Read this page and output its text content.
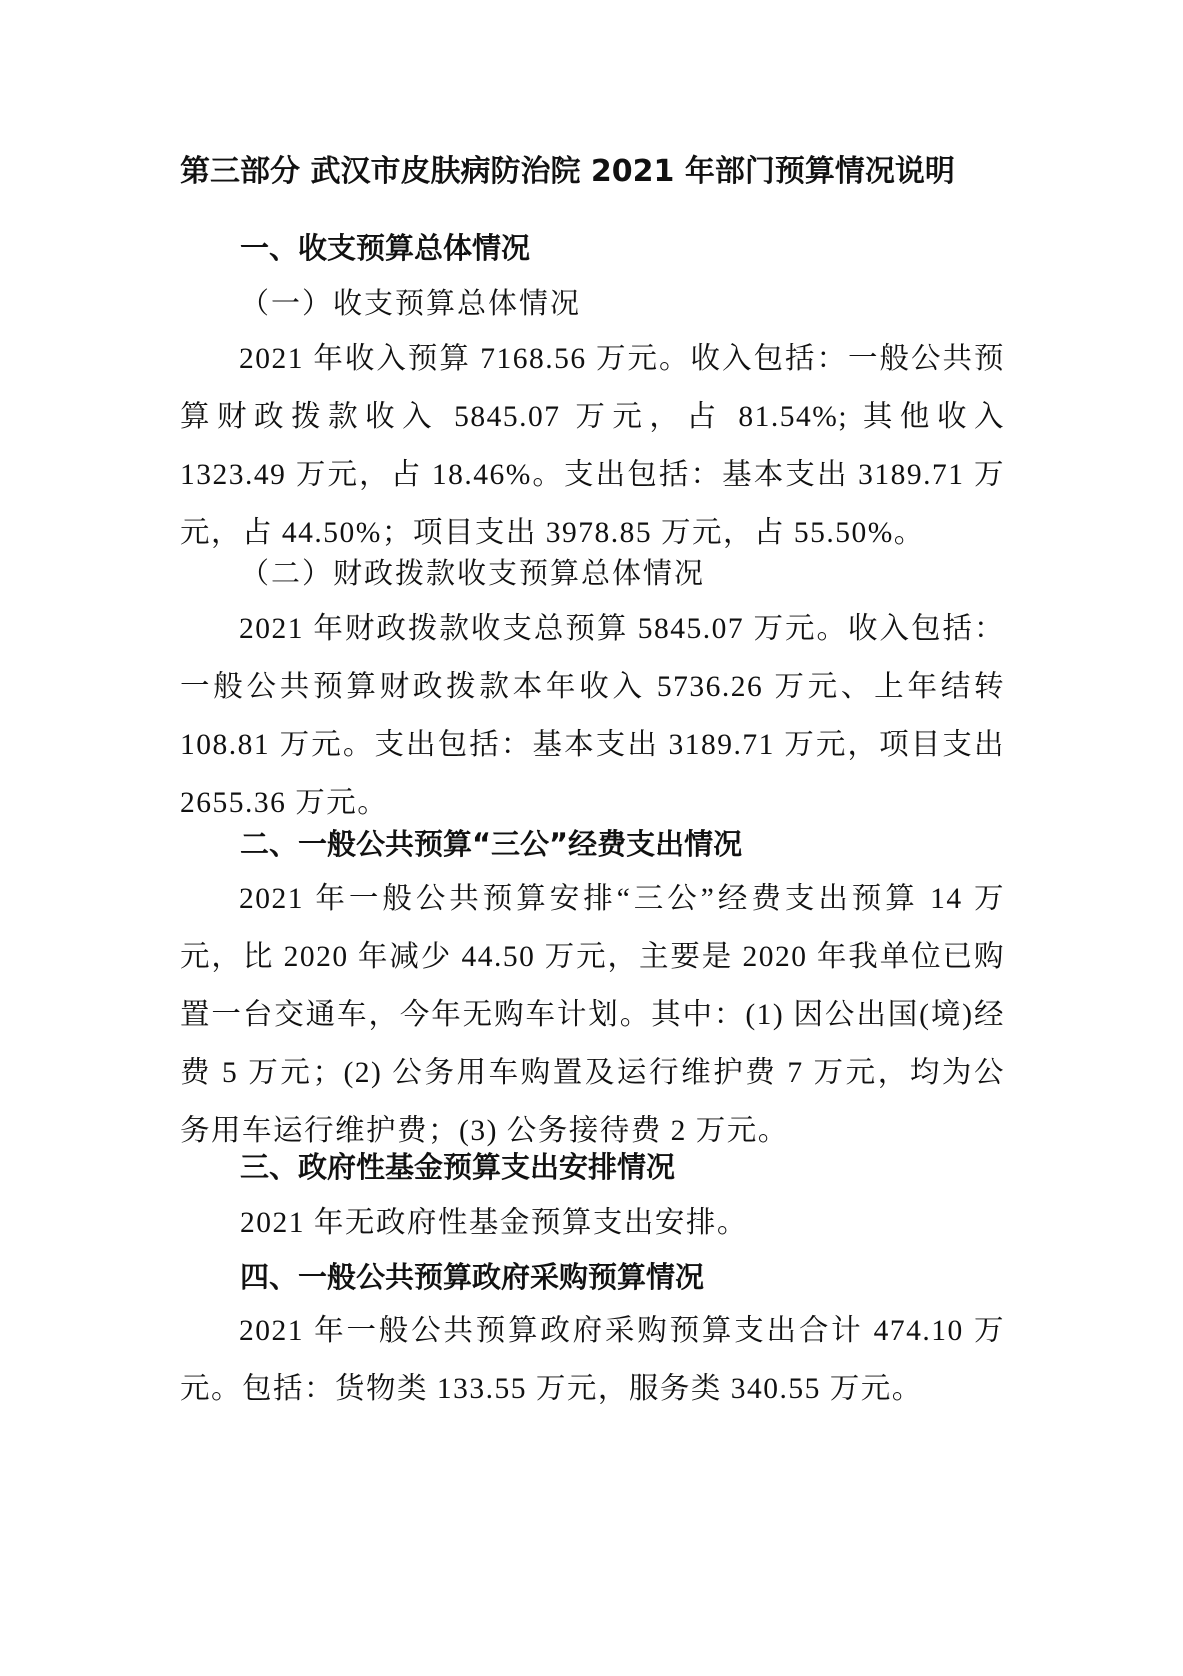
第三部分 武汉市皮肤病防治院 2021 年部门预算情况说明
一、收支预算总体情况
（一）收支预算总体情况
2021 年收入预算 7168.56 万元。收入包括：一般公共预算财政拨款收入 5845.07 万元，占 81.54%; 其他收入 1323.49 万元，占 18.46%。支出包括：基本支出 3189.71 万元，占 44.50%；项目支出 3978.85 万元，占 55.50%。
（二）财政拨款收支预算总体情况
2021 年财政拨款收支总预算 5845.07 万元。收入包括：一般公共预算财政拨款本年收入 5736.26 万元、上年结转 108.81 万元。支出包括：基本支出 3189.71 万元，项目支出 2655.36 万元。
二、一般公共预算“三公”经费支出情况
2021 年一般公共预算安排“三公”经费支出预算 14 万元，比 2020 年减少 44.50 万元，主要是 2020 年我单位已购置一台交通车，今年无购车计划。其中：(1) 因公出国(境)经费 5 万元；(2) 公务用车购置及运行维护费 7 万元，均为公务用车运行维护费；(3) 公务接待费 2 万元。
三、政府性基金预算支出安排情况
2021 年无政府性基金预算支出安排。
四、一般公共预算政府采购预算情况
2021 年一般公共预算政府采购预算支出合计 474.10 万元。包括：货物类 133.55 万元，服务类 340.55 万元。
